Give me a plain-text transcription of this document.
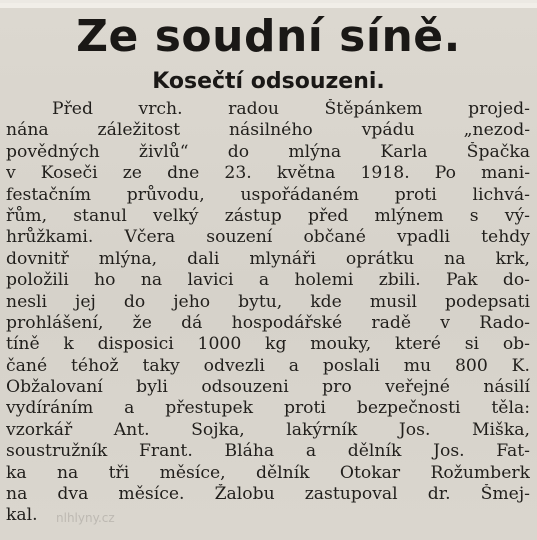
Ze soudní síně.
Kosečtí odsouzeni.
Před vrch. radou Štěpánkem projed-
nána záležitost násilného vpádu „nezod-
povědných živlů“ do mlýna Karla Špačka
v Koseči ze dne 23. května 1918. Po mani-
festačním průvodu, uspořádaném proti lichvá-
řům, stanul velký zástup před mlýnem s vý-
hrůžkami. Včera souzení občané vpadli tehdy
dovnitř mlýna, dali mlynáři oprátku na krk,
položili ho na lavici a holemi zbili. Pak do-
nesli jej do jeho bytu, kde musil podepsati
prohlášení, že dá hospodářské radě v Rado-
tíně k disposici 1000 kg mouky, které si ob-
čané téhož taky odvezli a poslali mu 800 K.
Obžalovaní byli odsouzeni pro veřejné násilí
vydíráním a přestupek proti bezpečnosti těla:
vzorkář Ant. Sojka, lakýrník Jos. Miška,
soustružník Frant. Bláha a dělník Jos. Fat-
ka na tři měsíce, dělník Otokar Rožumberk
na dva měsíce. Žalobu zastupoval dr. Šmej-
kal.	nlhlyny.cz
